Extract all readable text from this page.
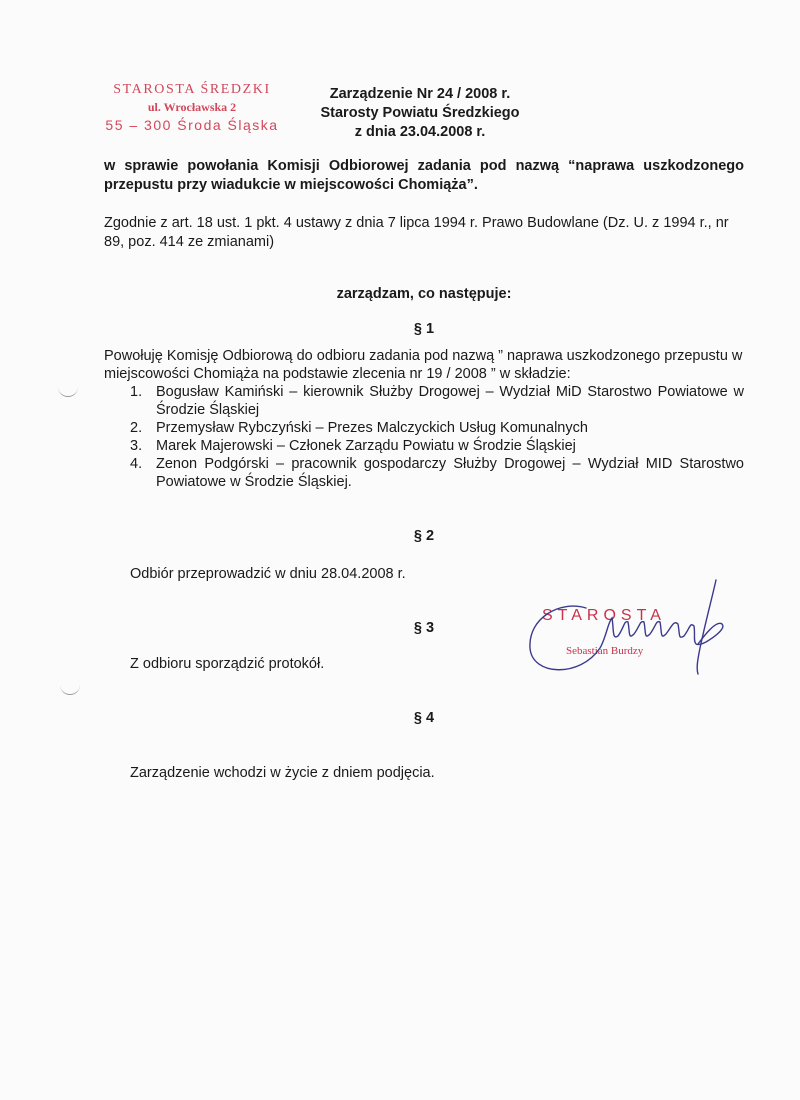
STAROSTA ŚREDZKI
ul. Wrocławska 2
55 – 300 Środa Śląska
Zarządzenie Nr 24 / 2008 r.
Starosty Powiatu Średzkiego
z dnia 23.04.2008 r.
w sprawie powołania Komisji Odbiorowej zadania pod nazwą “naprawa uszkodzonego przepustu przy wiadukcie w miejscowości Chomiąża”.
Zgodnie z art. 18 ust. 1 pkt. 4 ustawy z dnia 7 lipca 1994 r. Prawo Budowlane (Dz. U. z 1994 r., nr 89, poz. 414 ze zmianami)
zarządzam, co następuje:
§ 1
Powołuję Komisję Odbiorową do odbioru zadania pod nazwą ” naprawa uszkodzonego przepustu w miejscowości Chomiąża na podstawie zlecenia nr 19 / 2008 ” w składzie:
1. Bogusław Kamiński – kierownik Służby Drogowej – Wydział MiD Starostwo Powiatowe w Środzie Śląskiej
2. Przemysław Rybczyński – Prezes Malczyckich Usług Komunalnych
3. Marek Majerowski – Członek Zarządu Powiatu w Środzie Śląskiej
4. Zenon Podgórski – pracownik gospodarczy Służby Drogowej – Wydział MID Starostwo Powiatowe w Środzie Śląskiej.
§ 2
Odbiór przeprowadzić w dniu 28.04.2008 r.
§ 3
Z odbioru sporządzić protokół.
§ 4
Zarządzenie wchodzi w życie z dniem podjęcia.
STAROSTA
Sebastian Burdzy
